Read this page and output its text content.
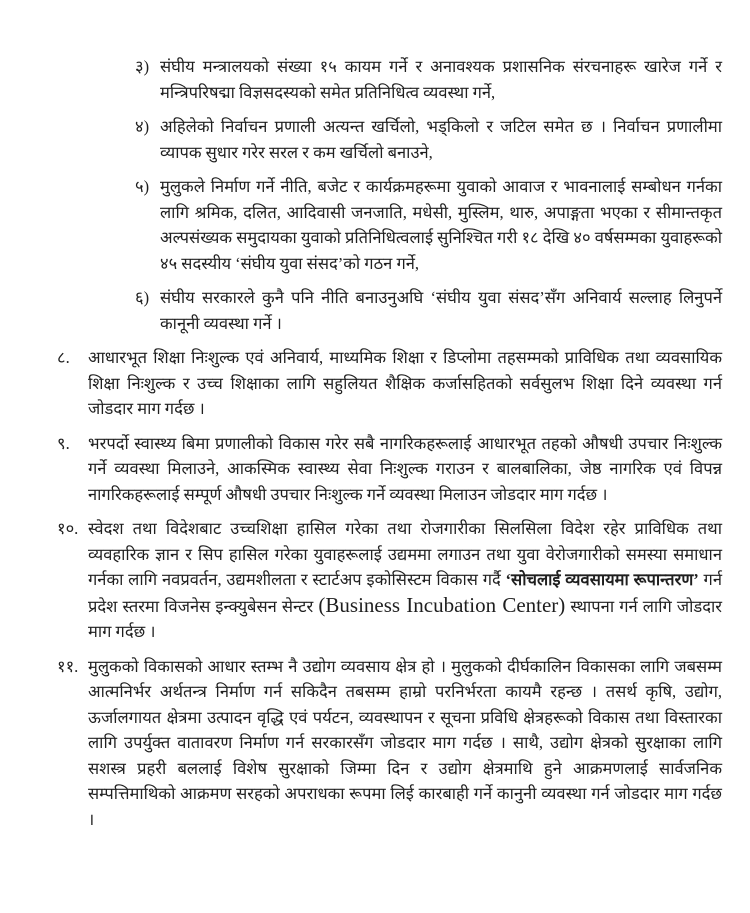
३) संघीय मन्त्रालयको संख्या १५ कायम गर्ने र अनावश्यक प्रशासनिक संरचनाहरू खारेज गर्ने र मन्त्रिपरिषद्मा विज्ञसदस्यको समेत प्रतिनिधित्व व्यवस्था गर्ने,
४) अहिलेको निर्वाचन प्रणाली अत्यन्त खर्चिलो, भड्किलो र जटिल समेत छ । निर्वाचन प्रणालीमा व्यापक सुधार गरेर सरल र कम खर्चिलो बनाउने,
५) मुलुकले निर्माण गर्ने नीति, बजेट र कार्यक्रमहरूमा युवाको आवाज र भावनालाई सम्बोधन गर्नका लागि श्रमिक, दलित, आदिवासी जनजाति, मधेसी, मुस्लिम, थारु, अपाङ्गता भएका र सीमान्तकृत अल्पसंख्यक समुदायका युवाको प्रतिनिधित्वलाई सुनिश्चित गरी १८ देखि ४० वर्षसम्मका युवाहरूको ४५ सदस्यीय ‘संघीय युवा संसद’को गठन गर्ने,
६) संघीय सरकारले कुनै पनि नीति बनाउनुअघि ‘संघीय युवा संसद’सँग अनिवार्य सल्लाह लिनुपर्ने कानूनी व्यवस्था गर्ने ।
८.	आधारभूत शिक्षा निःशुल्क एवं अनिवार्य, माध्यमिक शिक्षा र डिप्लोमा तहसम्मको प्राविधिक तथा व्यवसायिक शिक्षा निःशुल्क र उच्च शिक्षाका लागि सहुलियत शैक्षिक कर्जासहितको सर्वसुलभ शिक्षा दिने व्यवस्था गर्न जोडदार माग गर्दछ ।
९.	भरपर्दो स्वास्थ्य बिमा प्रणालीको विकास गरेर सबै नागरिकहरूलाई आधारभूत तहको औषधी उपचार निःशुल्क गर्ने व्यवस्था मिलाउने, आकस्मिक स्वास्थ्य सेवा निःशुल्क गराउन र बालबालिका, जेष्ठ नागरिक एवं विपन्न नागरिकहरूलाई सम्पूर्ण औषधी उपचार निःशुल्क गर्ने व्यवस्था मिलाउन जोडदार माग गर्दछ ।
१०. स्वेदश तथा विदेशबाट उच्चशिक्षा हासिल गरेका तथा रोजगारीका सिलसिला विदेश रहेर प्राविधिक तथा व्यवहारिक ज्ञान र सिप हासिल गरेका युवाहरूलाई उद्यममा लगाउन तथा युवा वेरोजगारीको समस्या समाधान गर्नका लागि नवप्रवर्तन, उद्यमशीलता र स्टार्टअप इकोसिस्टम विकास गर्दै ‘सोचलाई व्यवसायमा रूपान्तरण’ गर्न प्रदेश स्तरमा विजनेस इन्क्युबेसन सेन्टर (Business Incubation Center) स्थापना गर्न लागि जोडदार माग गर्दछ ।
११. मुलुकको विकासको आधार स्तम्भ नै उद्योग व्यवसाय क्षेत्र हो । मुलुकको दीर्घकालिन विकासका लागि जबसम्म आत्मनिर्भर अर्थतन्त्र निर्माण गर्न सकिदैन तबसम्म हाम्रो परनिर्भरता कायमै रहन्छ । तसर्थ कृषि, उद्योग, ऊर्जालगायत क्षेत्रमा उत्पादन वृद्धि एवं पर्यटन, व्यवस्थापन र सूचना प्रविधि क्षेत्रहरूको विकास तथा विस्तारका लागि उपर्युक्त वातावरण निर्माण गर्न सरकारसँग जोडदार माग गर्दछ । साथै, उद्योग क्षेत्रको सुरक्षाका लागि सशस्त्र प्रहरी बललाई विशेष सुरक्षाको जिम्मा दिन र उद्योग क्षेत्रमाथि हुने आक्रमणलाई सार्वजनिक सम्पत्तिमाथिको आक्रमण सरहको अपराधका रूपमा लिई कारबाही गर्ने कानुनी व्यवस्था गर्न जोडदार माग गर्दछ ।
